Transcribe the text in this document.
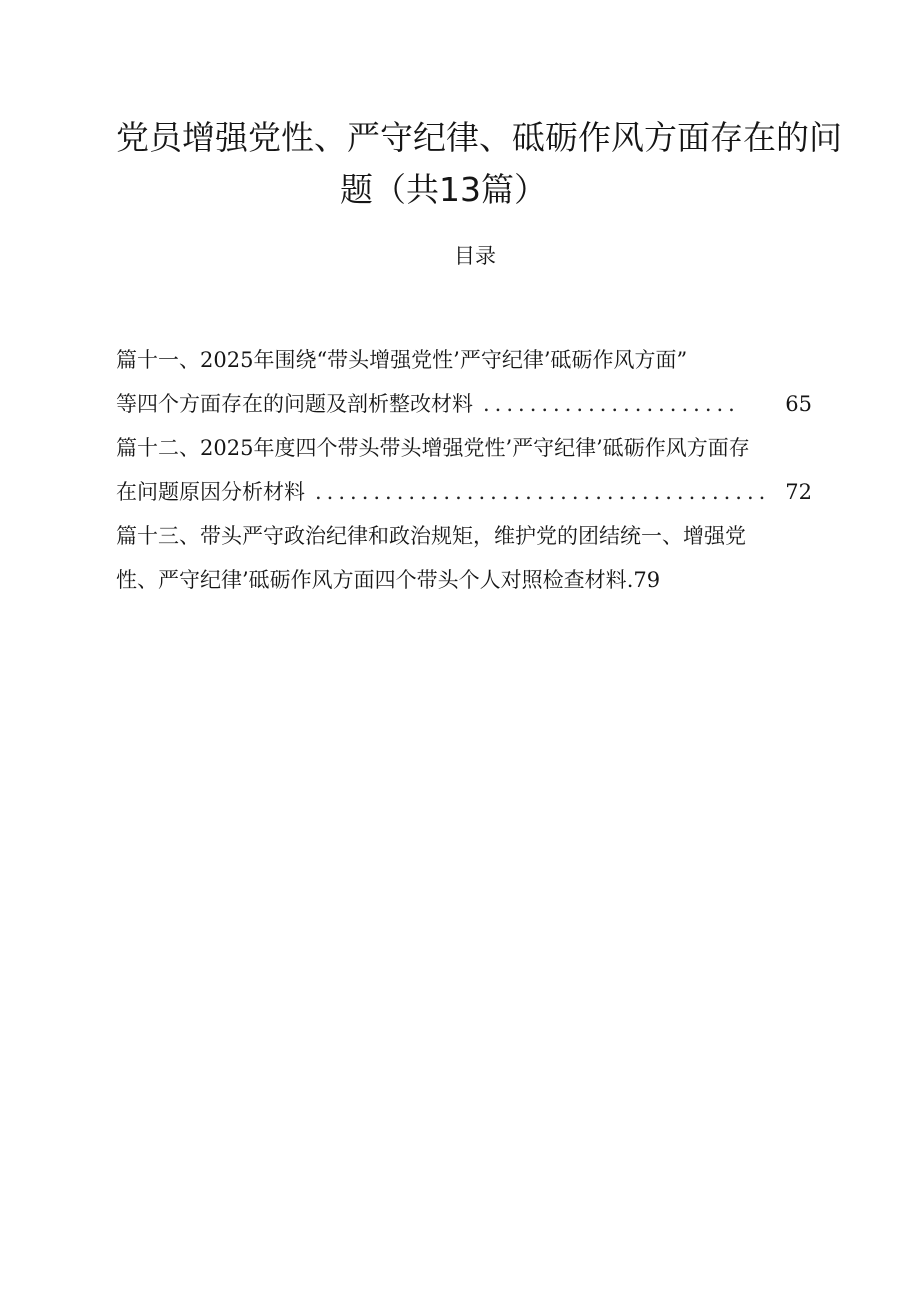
党员增强党性、严守纪律、砥砺作风方面存在的问
题（共13篇）
目录
篇十一、2025年围绕“带头增强党性’严守纪律’砥砺作风方面”
等四个方面存在的问题及剖析整改材料 ......................	65
篇十二、2025年度四个带头带头增强党性’严守纪律’砥砺作风方面存
在问题原因分析材料 ....................................... 72
篇十三、带头严守政治纪律和政治规矩，维护党的团结统一、增强党
性、严守纪律’砥砺作风方面四个带头个人对照检查材料 . 79
